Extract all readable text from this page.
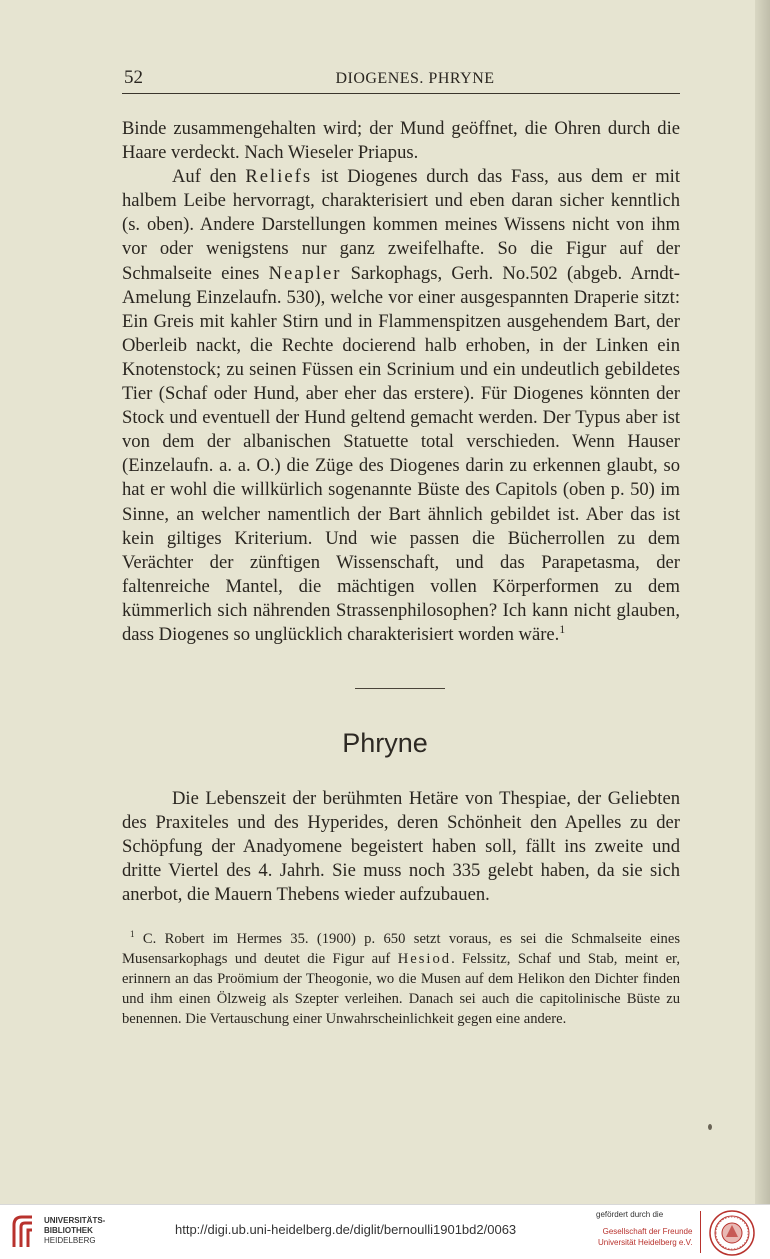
52	DIOGENES. PHRYNE

Binde zusammengehalten wird; der Mund geöffnet, die Ohren durch die Haare verdeckt. Nach Wieseler Priapus.

Auf den Reliefs ist Diogenes durch das Fass, aus dem er mit halbem Leibe hervorragt, charakterisiert und eben daran sicher kenntlich (s. oben). Andere Darstellungen kommen meines Wissens nicht von ihm vor oder wenigstens nur ganz zweifelhafte. So die Figur auf der Schmalseite eines Neapler Sarkophags, Gerh. No.502 (abgeb. Arndt-Amelung Einzelaufn. 530), welche vor einer ausgespannten Draperie sitzt: Ein Greis mit kahler Stirn und in Flammenspitzen ausgehendem Bart, der Oberleib nackt, die Rechte docierend halb erhoben, in der Linken ein Knotenstock; zu seinen Füssen ein Scrinium und ein undeutlich gebildetes Tier (Schaf oder Hund, aber eher das erstere). Für Diogenes könnten der Stock und eventuell der Hund geltend gemacht werden. Der Typus aber ist von dem der albanischen Statuette total verschieden. Wenn Hauser (Einzelaufn. a. a. O.) die Züge des Diogenes darin zu erkennen glaubt, so hat er wohl die willkürlich sogenannte Büste des Capitols (oben p. 50) im Sinne, an welcher namentlich der Bart ähnlich gebildet ist. Aber das ist kein giltiges Kriterium. Und wie passen die Bücherrollen zu dem Verächter der zünftigen Wissenschaft, und das Parapetasma, der faltenreiche Mantel, die mächtigen vollen Körperformen zu dem kümmerlich sich nährenden Strassenphilosophen? Ich kann nicht glauben, dass Diogenes so unglücklich charakterisiert worden wäre.$^1$

Phryne

Die Lebenszeit der berühmten Hetäre von Thespiae, der Geliebten des Praxiteles und des Hyperides, deren Schönheit den Apelles zu der Schöpfung der Anadyomene begeistert haben soll, fällt ins zweite und dritte Viertel des 4. Jahrh. Sie muss noch 335 gelebt haben, da sie sich anerbot, die Mauern Thebens wieder aufzubauen.

$^1$ C. Robert im Hermes 35. (1900) p. 650 setzt voraus, es sei die Schmalseite eines Musensarkophags und deutet die Figur auf Hesiod. Felssitz, Schaf und Stab, meint er, erinnern an das Proömium der Theogonie, wo die Musen auf dem Helikon den Dichter finden und ihm einen Ölzweig als Szepter verleihen. Danach sei auch die capitolinische Büste zu benennen. Die Vertauschung einer Unwahrscheinlichkeit gegen eine andere.

UNIVERSITÄTS-
BIBLIOTHEK
HEIDELBERG
http://digi.ub.uni-heidelberg.de/diglit/bernoulli1901bd2/0063
gefördert durch die
Gesellschaft der Freunde
Universität Heidelberg e.V.
